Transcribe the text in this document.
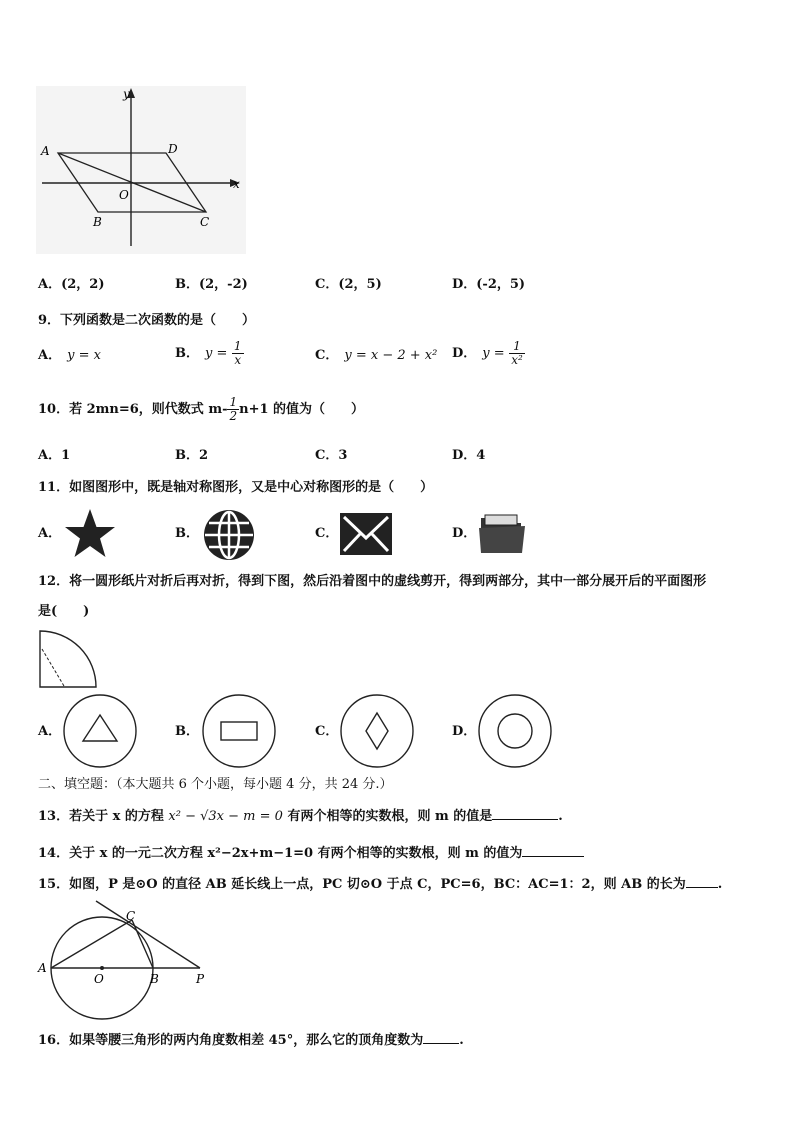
y
x
A	D
O
B	C
A．(2，2)	B．(2，-2)	C．(2，5)	D．(-2，5)
9．下列函数是二次函数的是（　　）
A． y = x	B． $y = \frac{1}{x}$	C． y = x − 2 + x² D． $y = \frac{1}{\text{x²}}$
10．若 2mn=6，则代数式 $m- \frac{1}{2} n+1$ 的值为（　　）
A．1	B．2	C．3	D．4
11．如图图形中，既是轴对称图形，又是中心对称图形的是（　　）
A．	B．	C．	D．
12．将一圆形纸片对折后再对折，得到下图，然后沿着图中的虚线剪开，得到两部分，其中一部分展开后的平面图形
是(　　)
A．	B．	C．	D．
二、填空题：（本大题共 6 个小题，每小题 4 分，共 24 分.）
13．若关于 x 的方程 x² − √3x − m = 0 有两个相等的实数根，则 m 的值是	.
14．关于 x 的一元二次方程 x²−2x+m−1=0 有两个相等的实数根，则 m 的值为
15．如图，P 是⊙O 的直径 AB 延长线上一点，PC 切⊙O 于点 C，PC=6，BC：AC=1：2，则 AB 的长为 .
A
O	B	P
C
16．如果等腰三角形的两内角度数相差 45°，那么它的顶角度数为	.
